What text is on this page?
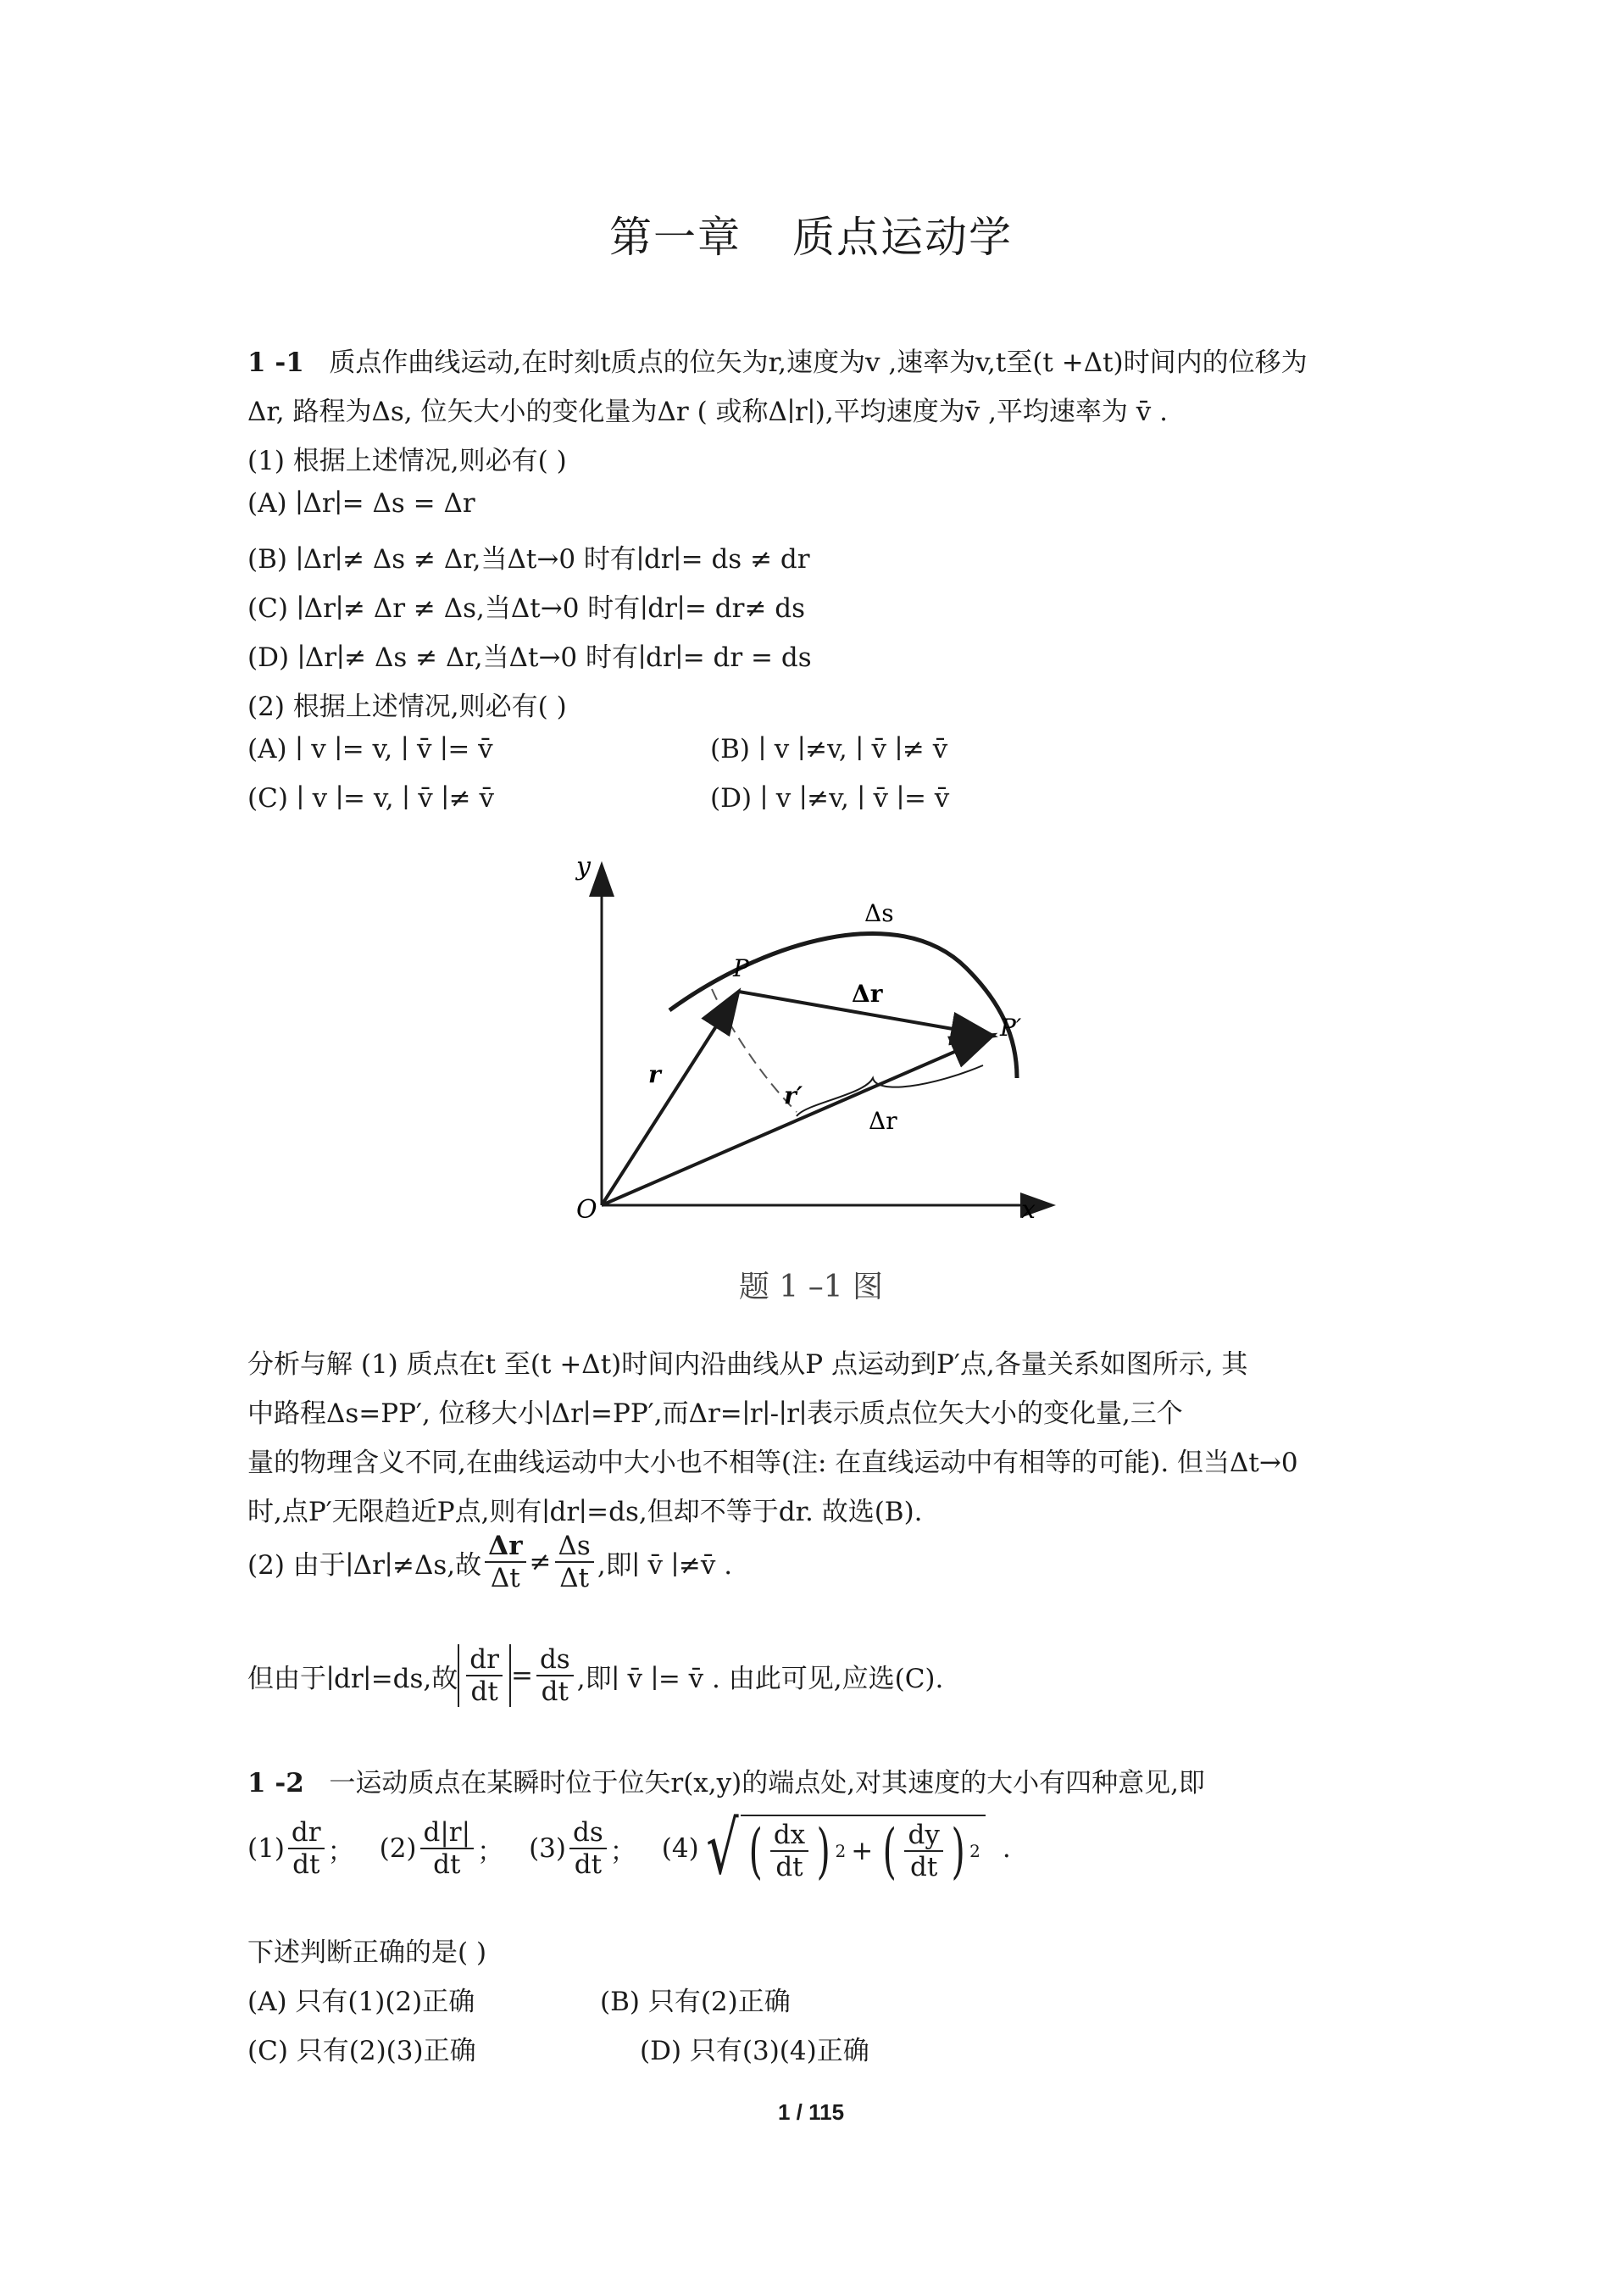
第一章 质点运动学
1 -1 质点作曲线运动,在时刻t质点的位矢为r,速度为v ,速率为v,t至(t +Δt)时间内的位移为
Δr, 路程为Δs, 位矢大小的变化量为Δr ( 或称Δ∣r∣),平均速度为v̄ ,平均速率为 v̄ .
(1) 根据上述情况,则必有( )
(A) ∣Δr∣= Δs = Δr
(B) ∣Δr∣≠ Δs ≠ Δr,当Δt→0 时有∣dr∣= ds ≠ dr
(C) ∣Δr∣≠ Δr ≠ Δs,当Δt→0 时有∣dr∣= dr≠ ds
(D) ∣Δr∣≠ Δs ≠ Δr,当Δt→0 时有∣dr∣= dr = ds
(2) 根据上述情况,则必有( )
(A) ∣ v ∣= v, ∣ v̄ ∣= v̄	(B) ∣ v ∣≠v, ∣ v̄ ∣≠ v̄
(C) ∣ v ∣= v, ∣ v̄ ∣≠ v̄	(D) ∣ v ∣≠v, ∣ v̄ ∣= v̄
y
x
O
P
P′
Δs
Δr
Δr
r
r′
题 1 –1 图
分析与解 (1) 质点在t 至(t +Δt)时间内沿曲线从P 点运动到P′点,各量关系如图所示, 其
中路程Δs=PP′, 位移大小∣Δr∣=PP′,而Δr=∣r∣-∣r∣表示质点位矢大小的变化量,三个
量的物理含义不同,在曲线运动中大小也不相等(注: 在直线运动中有相等的可能). 但当Δt→0
时,点P′无限趋近P点,则有∣dr∣=ds,但却不等于dr. 故选(B).
(2) 由于∣Δr∣≠Δs,故 $\frac{\Delta r}{\Delta t} \ne \frac{\Delta s}{\Delta t}$ ,即∣ v̄ ∣≠v̄ .
但由于∣dr∣=ds,故 $\frac{dr}{dt} = \frac{ds}{dt}$ ,即∣ v̄ ∣= v̄ . 由此可见,应选(C).
1 -2 一运动质点在某瞬时位于位矢r(x,y)的端点处,对其速度的大小有四种意见,即
$(1) \frac{dr}{dt}$ ； $(2) \frac{d|r|}{dt}$ ； $(3) \frac{ds}{dt}$ ； (4) √ ( $\frac{dx}{dt}$ ) 2 + ( $\frac{dy}{dt}$ ) 2 .
下述判断正确的是( )
(A) 只有(1)(2)正确	(B) 只有(2)正确
(C) 只有(2)(3)正确	(D) 只有(3)(4)正确
1 / 115
